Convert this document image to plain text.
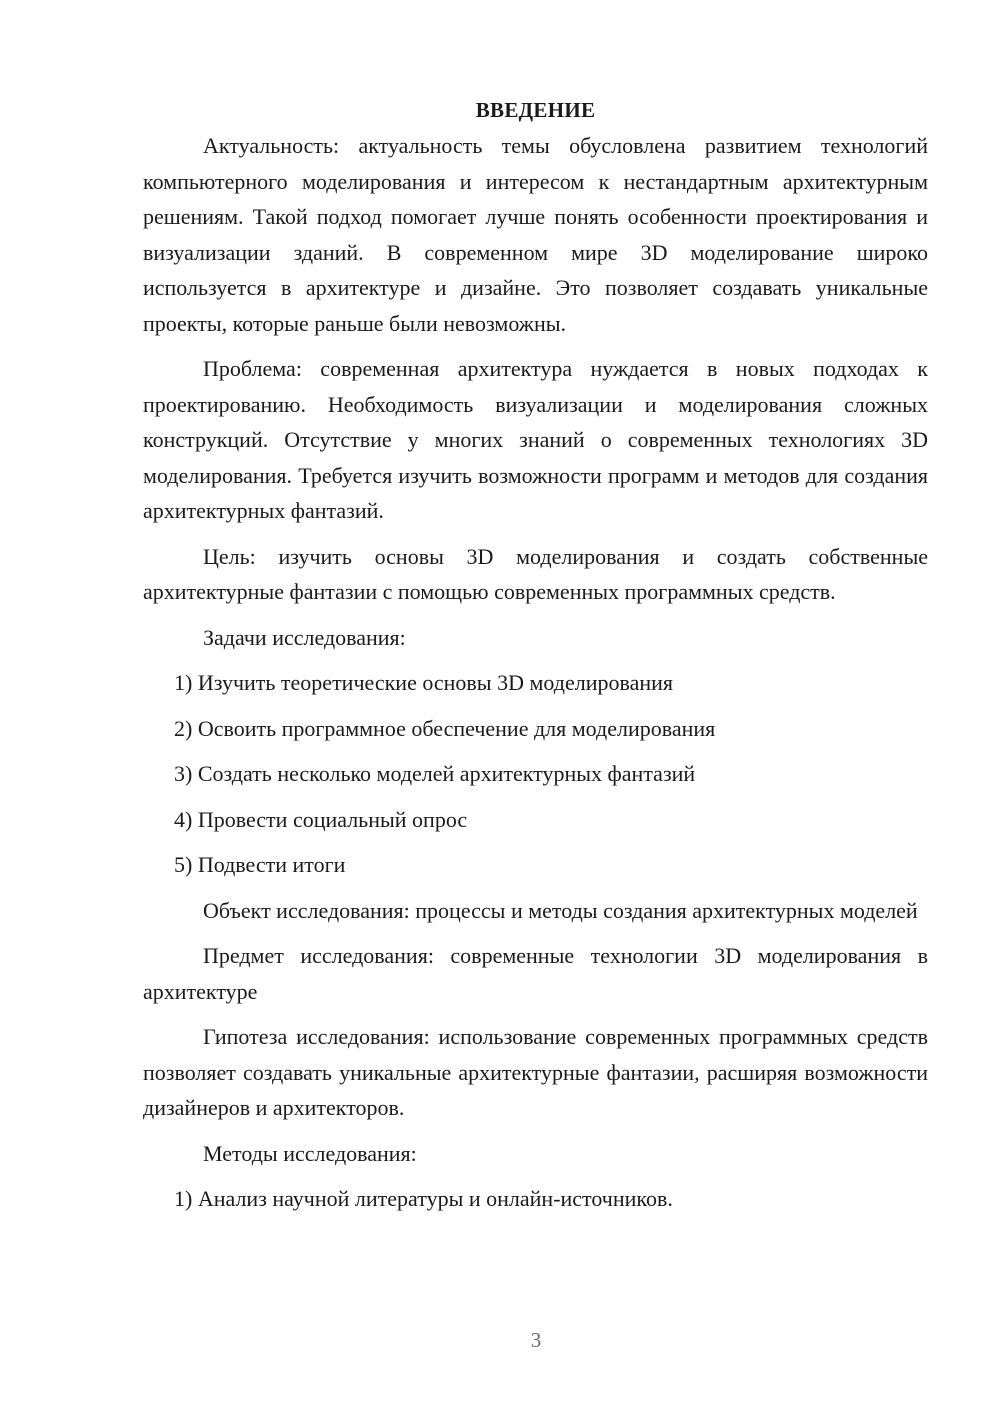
ВВЕДЕНИЕ

Актуальность: актуальность темы обусловлена развитием технологий компьютерного моделирования и интересом к нестандартным архитектурным решениям. Такой подход помогает лучше понять особенности проектирования и визуализации зданий. В современном мире 3D моделирование широко используется в архитектуре и дизайне. Это позволяет создавать уникальные проекты, которые раньше были невозможны.

Проблема: современная архитектура нуждается в новых подходах к проектированию. Необходимость визуализации и моделирования сложных конструкций. Отсутствие у многих знаний о современных технологиях 3D моделирования. Требуется изучить возможности программ и методов для создания архитектурных фантазий.

Цель: изучить основы 3D моделирования и создать собственные архитектурные фантазии с помощью современных программных средств.

Задачи исследования:

1) Изучить теоретические основы 3D моделирования
2) Освоить программное обеспечение для моделирования
3) Создать несколько моделей архитектурных фантазий
4) Провести социальный опрос
5) Подвести итоги

Объект исследования: процессы и методы создания архитектурных моделей

Предмет исследования: современные технологии 3D моделирования в архитектуре

Гипотеза исследования: использование современных программных средств позволяет создавать уникальные архитектурные фантазии, расширяя возможности дизайнеров и архитекторов.

Методы исследования:

1) Анализ научной литературы и онлайн-источников.
3
